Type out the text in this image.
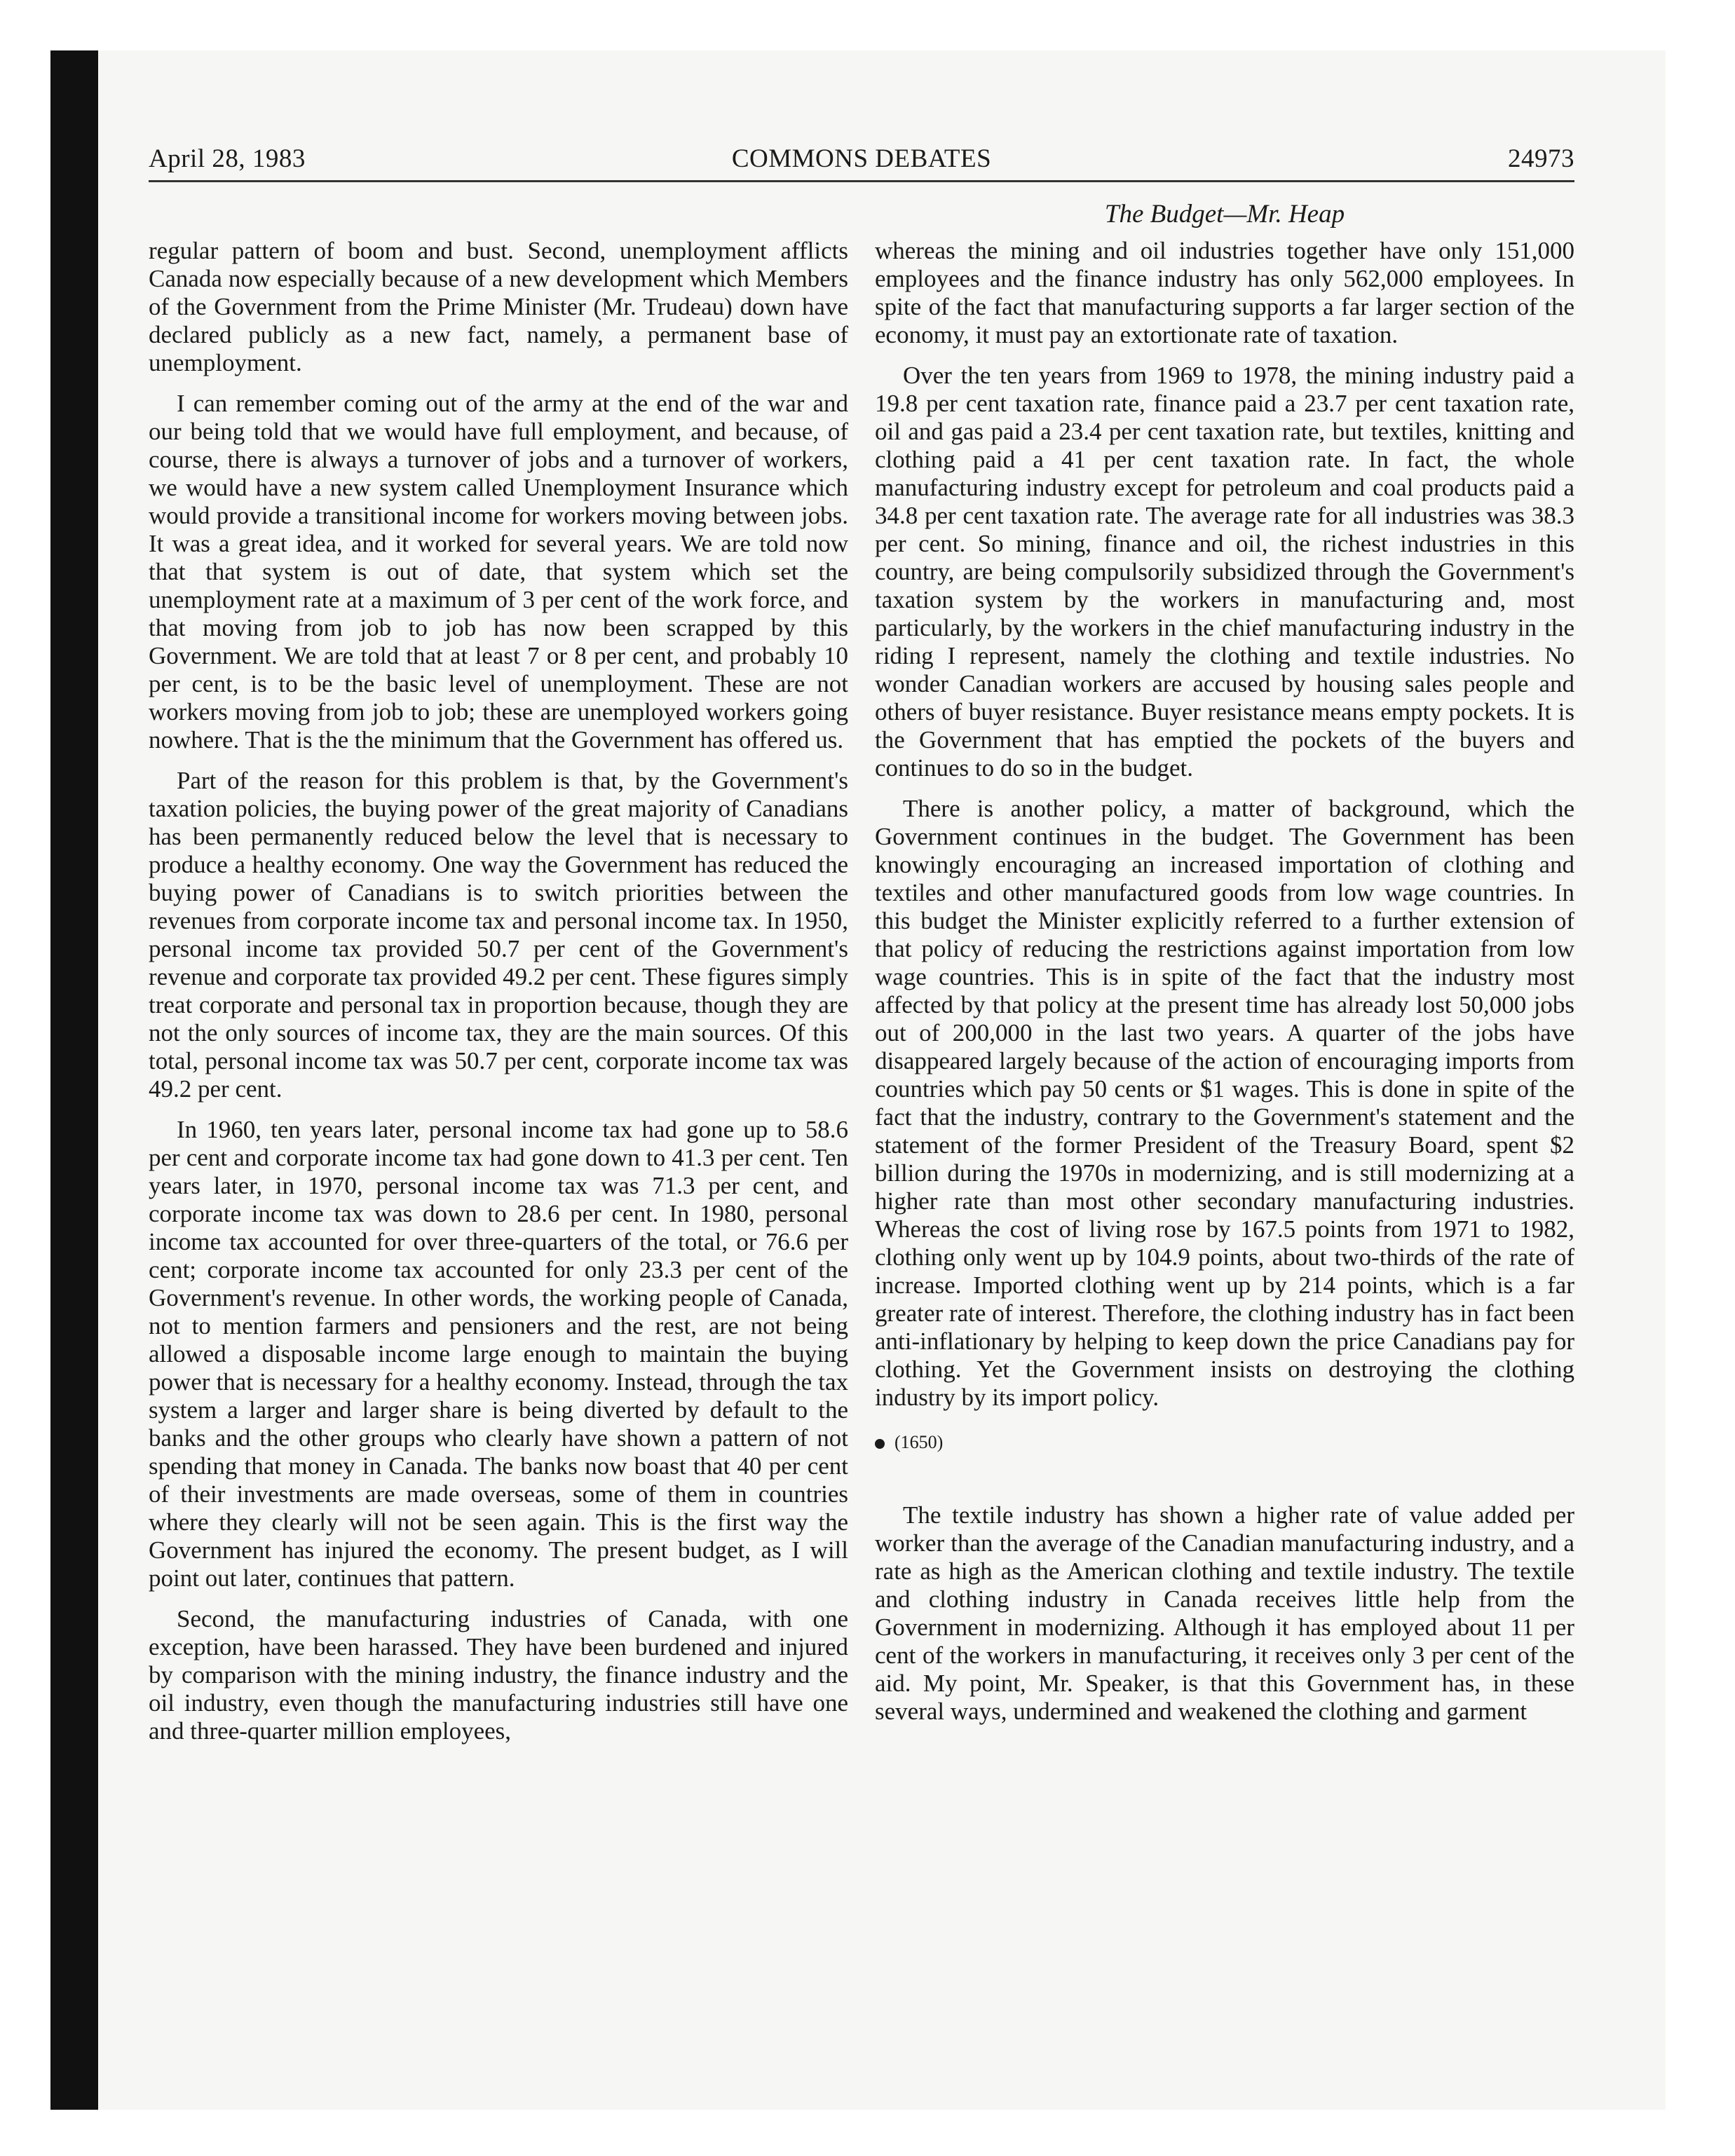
April 28, 1983	COMMONS DEBATES	24973
The Budget—Mr. Heap

regular pattern of boom and bust. Second, unemployment afflicts Canada now especially because of a new development which Members of the Government from the Prime Minister (Mr. Trudeau) down have declared publicly as a new fact, namely, a permanent base of unemployment.

I can remember coming out of the army at the end of the war and our being told that we would have full employment, and because, of course, there is always a turnover of jobs and a turnover of workers, we would have a new system called Unemployment Insurance which would provide a transitional income for workers moving between jobs. It was a great idea, and it worked for several years. We are told now that that system is out of date, that system which set the unemployment rate at a maximum of 3 per cent of the work force, and that moving from job to job has now been scrapped by this Government. We are told that at least 7 or 8 per cent, and probably 10 per cent, is to be the basic level of unemployment. These are not workers moving from job to job; these are unemployed workers going nowhere. That is the the minimum that the Government has offered us.

Part of the reason for this problem is that, by the Government's taxation policies, the buying power of the great majority of Canadians has been permanently reduced below the level that is necessary to produce a healthy economy. One way the Government has reduced the buying power of Canadians is to switch priorities between the revenues from corporate income tax and personal income tax. In 1950, personal income tax provided 50.7 per cent of the Government's revenue and corporate tax provided 49.2 per cent. These figures simply treat corporate and personal tax in proportion because, though they are not the only sources of income tax, they are the main sources. Of this total, personal income tax was 50.7 per cent, corporate income tax was 49.2 per cent.

In 1960, ten years later, personal income tax had gone up to 58.6 per cent and corporate income tax had gone down to 41.3 per cent. Ten years later, in 1970, personal income tax was 71.3 per cent, and corporate income tax was down to 28.6 per cent. In 1980, personal income tax accounted for over three-quarters of the total, or 76.6 per cent; corporate income tax accounted for only 23.3 per cent of the Government's revenue. In other words, the working people of Canada, not to mention farmers and pensioners and the rest, are not being allowed a disposable income large enough to maintain the buying power that is necessary for a healthy economy. Instead, through the tax system a larger and larger share is being diverted by default to the banks and the other groups who clearly have shown a pattern of not spending that money in Canada. The banks now boast that 40 per cent of their investments are made overseas, some of them in countries where they clearly will not be seen again. This is the first way the Government has injured the economy. The present budget, as I will point out later, continues that pattern.

Second, the manufacturing industries of Canada, with one exception, have been harassed. They have been burdened and injured by comparison with the mining industry, the finance industry and the oil industry, even though the manufacturing industries still have one and three-quarter million employees,

whereas the mining and oil industries together have only 151,000 employees and the finance industry has only 562,000 employees. In spite of the fact that manufacturing supports a far larger section of the economy, it must pay an extortionate rate of taxation.

Over the ten years from 1969 to 1978, the mining industry paid a 19.8 per cent taxation rate, finance paid a 23.7 per cent taxation rate, oil and gas paid a 23.4 per cent taxation rate, but textiles, knitting and clothing paid a 41 per cent taxation rate. In fact, the whole manufacturing industry except for petroleum and coal products paid a 34.8 per cent taxation rate. The average rate for all industries was 38.3 per cent. So mining, finance and oil, the richest industries in this country, are being compulsorily subsidized through the Government's taxation system by the workers in manufacturing and, most particularly, by the workers in the chief manufacturing industry in the riding I represent, namely the clothing and textile industries. No wonder Canadian workers are accused by housing sales people and others of buyer resistance. Buyer resistance means empty pockets. It is the Government that has emptied the pockets of the buyers and continues to do so in the budget.

There is another policy, a matter of background, which the Government continues in the budget. The Government has been knowingly encouraging an increased importation of clothing and textiles and other manufactured goods from low wage countries. In this budget the Minister explicitly referred to a further extension of that policy of reducing the restrictions against importation from low wage countries. This is in spite of the fact that the industry most affected by that policy at the present time has already lost 50,000 jobs out of 200,000 in the last two years. A quarter of the jobs have disappeared largely because of the action of encouraging imports from countries which pay 50 cents or $1 wages. This is done in spite of the fact that the industry, contrary to the Government's statement and the statement of the former President of the Treasury Board, spent $2 billion during the 1970s in modernizing, and is still modernizing at a higher rate than most other secondary manufacturing industries. Whereas the cost of living rose by 167.5 points from 1971 to 1982, clothing only went up by 104.9 points, about two-thirds of the rate of increase. Imported clothing went up by 214 points, which is a far greater rate of interest. Therefore, the clothing industry has in fact been anti-inflationary by helping to keep down the price Canadians pay for clothing. Yet the Government insists on destroying the clothing industry by its import policy.

(1650)

The textile industry has shown a higher rate of value added per worker than the average of the Canadian manufacturing industry, and a rate as high as the American clothing and textile industry. The textile and clothing industry in Canada receives little help from the Government in modernizing. Although it has employed about 11 per cent of the workers in manufacturing, it receives only 3 per cent of the aid. My point, Mr. Speaker, is that this Government has, in these several ways, undermined and weakened the clothing and garment
